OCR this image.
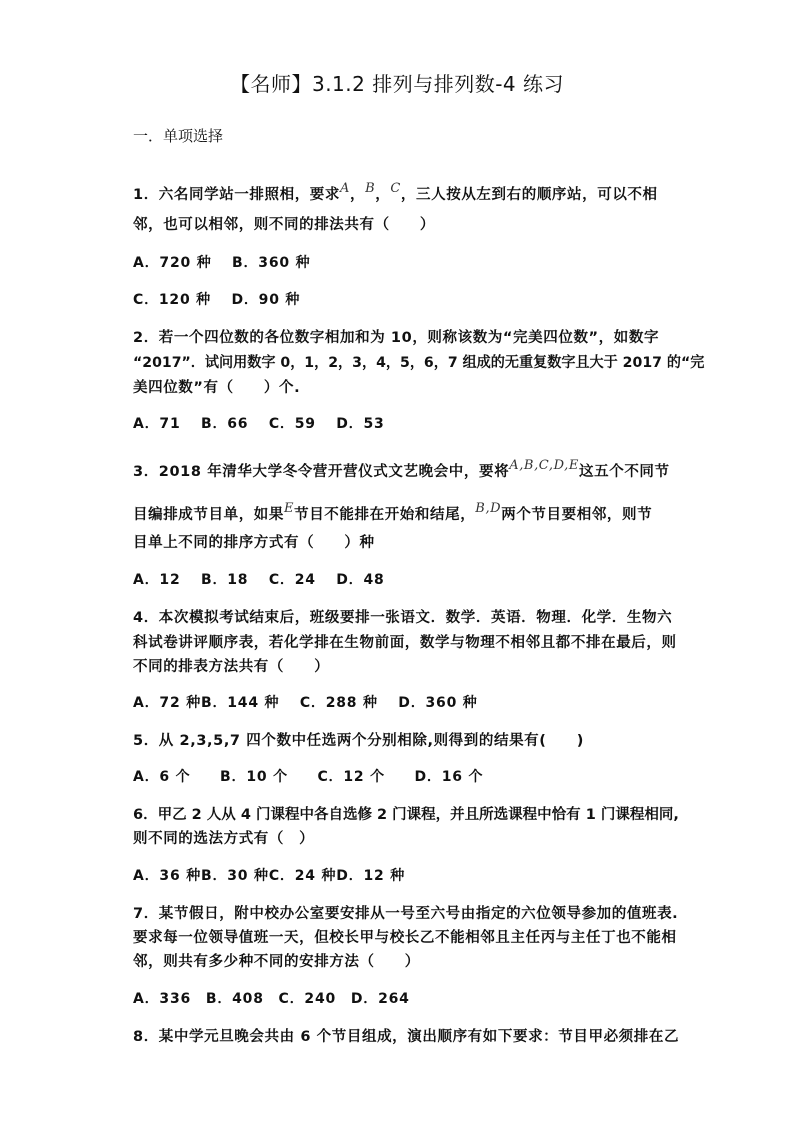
【名师】3.1.2 排列与排列数-4 练习
一．单项选择
1．六名同学站一排照相，要求A，B，C，三人按从左到右的顺序站，可以不相
邻，也可以相邻，则不同的排法共有（　　）
A．720 种　 B．360 种
C．120 种　 D．90 种
2．若一个四位数的各位数字相加和为 10，则称该数为“完美四位数”，如数字
“2017”．试问用数字 0，1，2，3，4，5，6，7 组成的无重复数字且大于 2017 的“完
美四位数”有（　　）个.
A．71　 B．66　 C．59　 D．53
3．2018 年清华大学冬令营开营仪式文艺晚会中，要将A,B,C,D,E这五个不同节
目编排成节目单，如果E节目不能排在开始和结尾，B,D两个节目要相邻，则节
目单上不同的排序方式有（　　）种
A．12　 B．18　 C．24　 D．48
4．本次模拟考试结束后，班级要排一张语文．数学．英语．物理．化学．生物六
科试卷讲评顺序表，若化学排在生物前面，数学与物理不相邻且都不排在最后，则
不同的排表方法共有（　　）
A．72 种B．144 种　 C．288 种　 D．360 种
5．从 2,3,5,7 四个数中任选两个分别相除,则得到的结果有(　　)
A．6 个　　B．10 个　　C．12 个　　D．16 个
6．甲乙 2 人从 4 门课程中各自选修 2 门课程，并且所选课程中恰有 1 门课程相同,
则不同的选法方式有（　）
A．36 种B．30 种C．24 种D．12 种
7．某节假日，附中校办公室要安排从一号至六号由指定的六位领导参加的值班表.
要求每一位领导值班一天，但校长甲与校长乙不能相邻且主任丙与主任丁也不能相
邻，则共有多少种不同的安排方法（　　）
A．336　B．408　C．240　D．264
8．某中学元旦晚会共由 6 个节目组成，演出顺序有如下要求：节目甲必须排在乙
